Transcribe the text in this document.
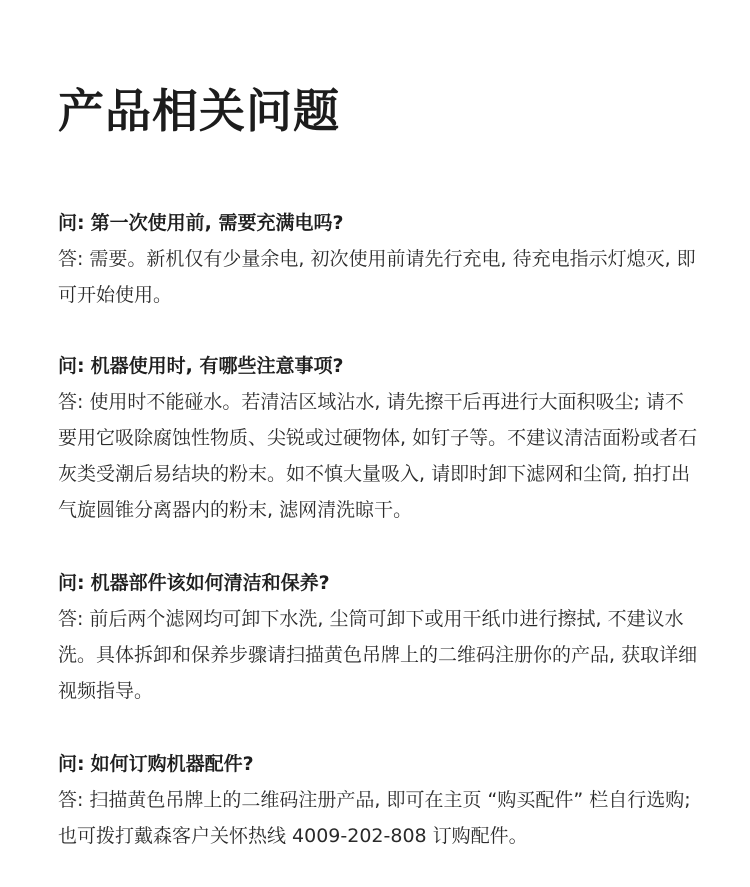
产品相关问题
问: 第一次使用前, 需要充满电吗?
答: 需要。新机仅有少量余电, 初次使用前请先行充电, 待充电指示灯熄灭, 即可开始使用。
问: 机器使用时, 有哪些注意事项?
答: 使用时不能碰水。若清洁区域沾水, 请先擦干后再进行大面积吸尘; 请不要用它吸除腐蚀性物质、尖锐或过硬物体, 如钉子等。不建议清洁面粉或者石灰类受潮后易结块的粉末。如不慎大量吸入, 请即时卸下滤网和尘筒, 拍打出气旋圆锥分离器内的粉末, 滤网清洗晾干。
问: 机器部件该如何清洁和保养?
答: 前后两个滤网均可卸下水洗, 尘筒可卸下或用干纸巾进行擦拭, 不建议水洗。具体拆卸和保养步骤请扫描黄色吊牌上的二维码注册你的产品, 获取详细视频指导。
问: 如何订购机器配件?
答: 扫描黄色吊牌上的二维码注册产品, 即可在主页 “购买配件” 栏自行选购; 也可拨打戴森客户关怀热线 4009-202-808 订购配件。
